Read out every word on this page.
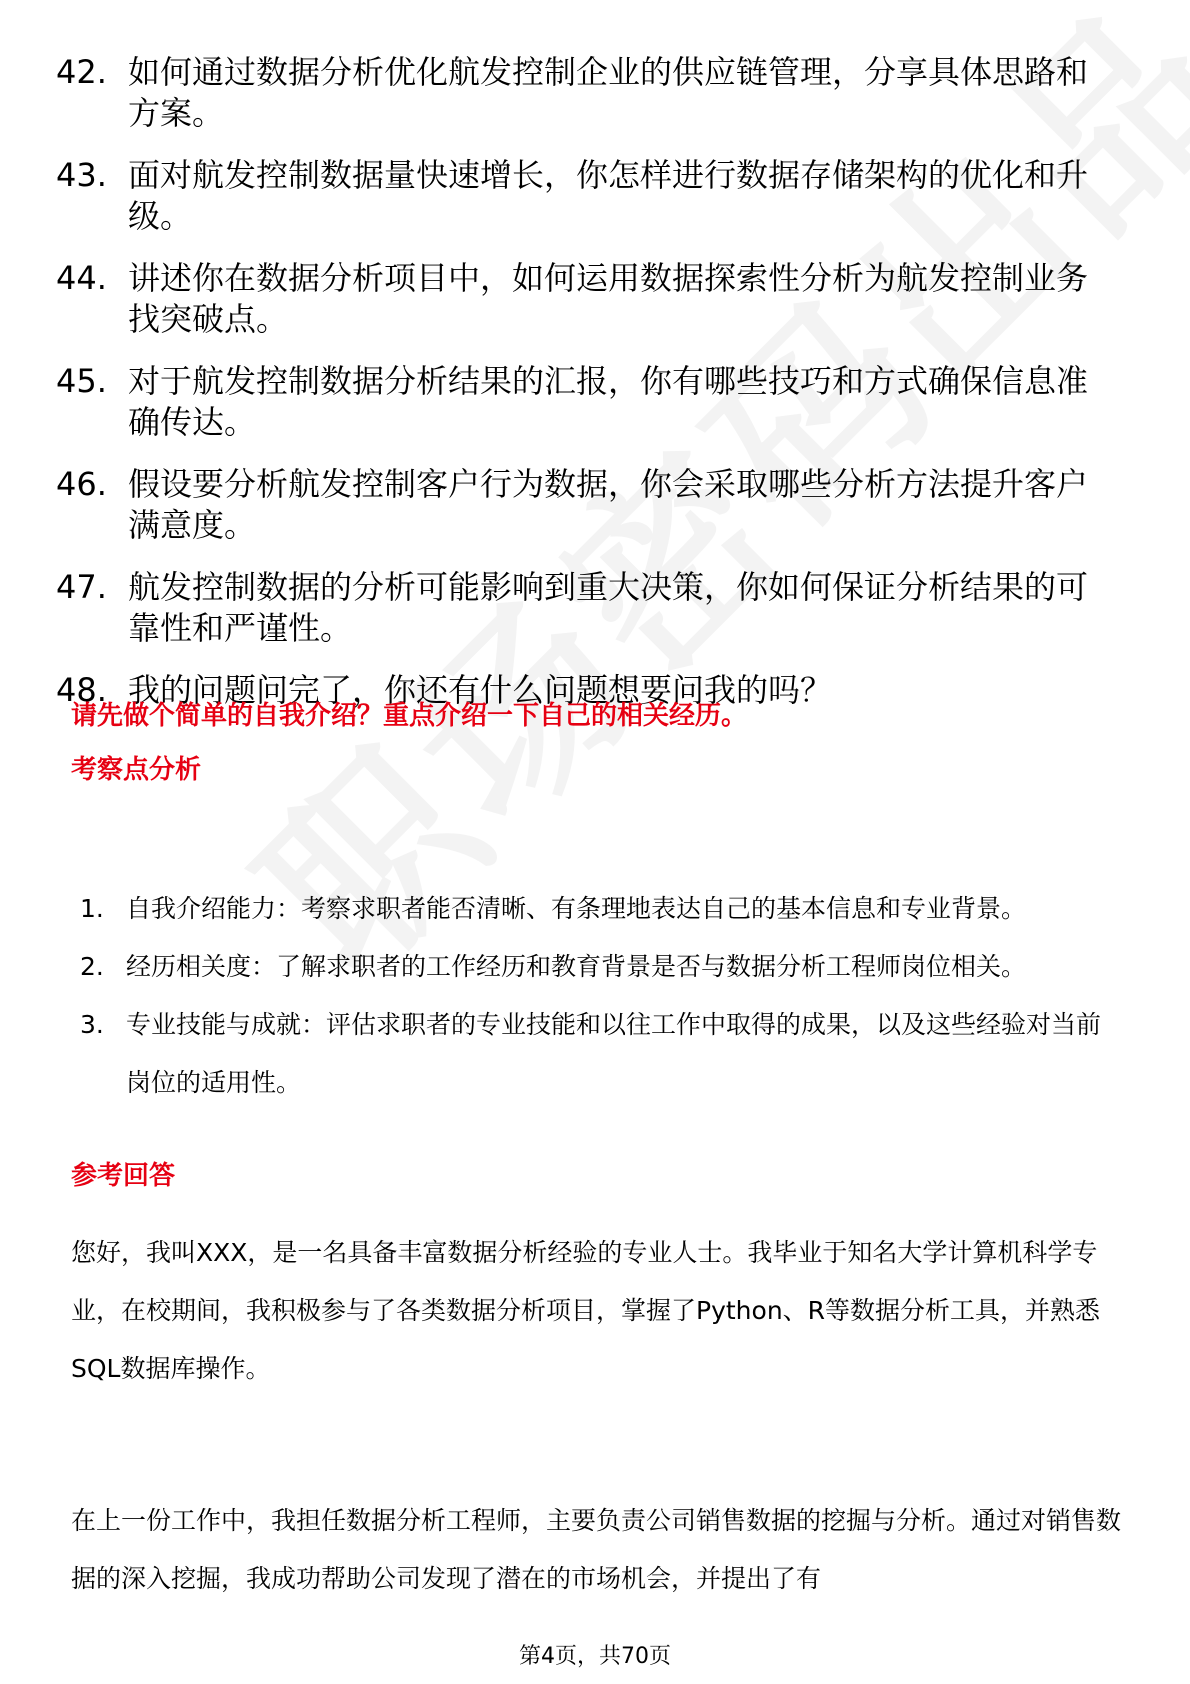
42. 如何通过数据分析优化航发控制企业的供应链管理，分享具体思路和方案。
43. 面对航发控制数据量快速增长，你怎样进行数据存储架构的优化和升级。
44. 讲述你在数据分析项目中，如何运用数据探索性分析为航发控制业务找突破点。
45. 对于航发控制数据分析结果的汇报，你有哪些技巧和方式确保信息准确传达。
46. 假设要分析航发控制客户行为数据，你会采取哪些分析方法提升客户满意度。
47. 航发控制数据的分析可能影响到重大决策，你如何保证分析结果的可靠性和严谨性。
48. 我的问题问完了，你还有什么问题想要问我的吗？
请先做个简单的自我介绍？重点介绍一下自己的相关经历。
考察点分析
1. 自我介绍能力：考察求职者能否清晰、有条理地表达自己的基本信息和专业背景。
2. 经历相关度：了解求职者的工作经历和教育背景是否与数据分析工程师岗位相关。
3. 专业技能与成就：评估求职者的专业技能和以往工作中取得的成果，以及这些经验对当前岗位的适用性。
参考回答

您好，我叫XXX，是一名具备丰富数据分析经验的专业人士。我毕业于知名大学计算机科学专业，在校期间，我积极参与了各类数据分析项目，掌握了Python、R等数据分析工具，并熟悉SQL数据库操作。

在上一份工作中，我担任数据分析工程师，主要负责公司销售数据的挖掘与分析。通过对销售数据的深入挖掘，我成功帮助公司发现了潜在的市场机会，并提出了有

第4页，共70页
